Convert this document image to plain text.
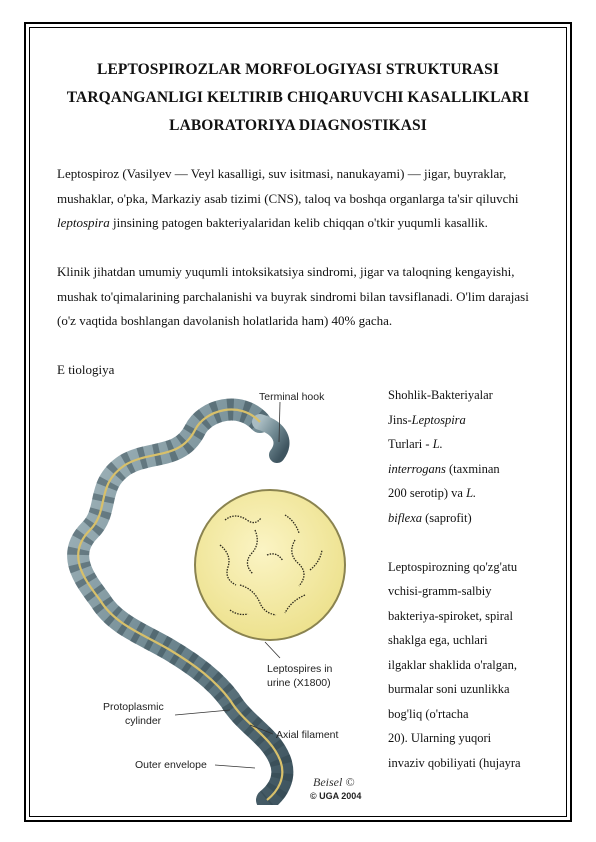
LEPTOSPIROZLAR MORFOLOGIYASI STRUKTURASI
TARQANGANLIGI KELTIRIB CHIQARUVCHI KASALLIKLARI
LABORATORIYA DIAGNOSTIKASI
Leptospiroz (Vasilyev — Veyl kasalligi, suv isitmasi, nanukayami) — jigar, buyraklar, mushaklar, o'pka, Markaziy asab tizimi (CNS), taloq va boshqa organlarga ta'sir qiluvchi leptospira jinsining patogen bakteriyalaridan kelib chiqqan o'tkir yuqumli kasallik.
Klinik jihatdan umumiy yuqumli intoksikatsiya sindromi, jigar va taloqning kengayishi, mushak to'qimalarining parchalanishi va buyrak sindromi bilan tavsiflanadi. O'lim darajasi (o'z vaqtida boshlangan davolanish holatlarida ham) 40% gacha.
E tiologiya
Shohlik-Bakteriyalar
Jins-Leptospira
Turlari - L.
interrogans (taxminan
200 serotip) va L.
biflexa (saprofit)
Leptospirozning qo'zg'atu
vchisi-gramm-salbiy
bakteriya-spiroket, spiral
shaklga ega, uchlari
ilgaklar shaklida o'ralgan,
burmalar soni uzunlikka
bog'liq (o'rtacha
20). Ularning yuqori
invaziv qobiliyati (hujayra
Terminal hook
Leptospires in
urine (X1800)
Protoplasmic
cylinder
Axial filament
Outer envelope
Beisel ©
© UGA 2004
